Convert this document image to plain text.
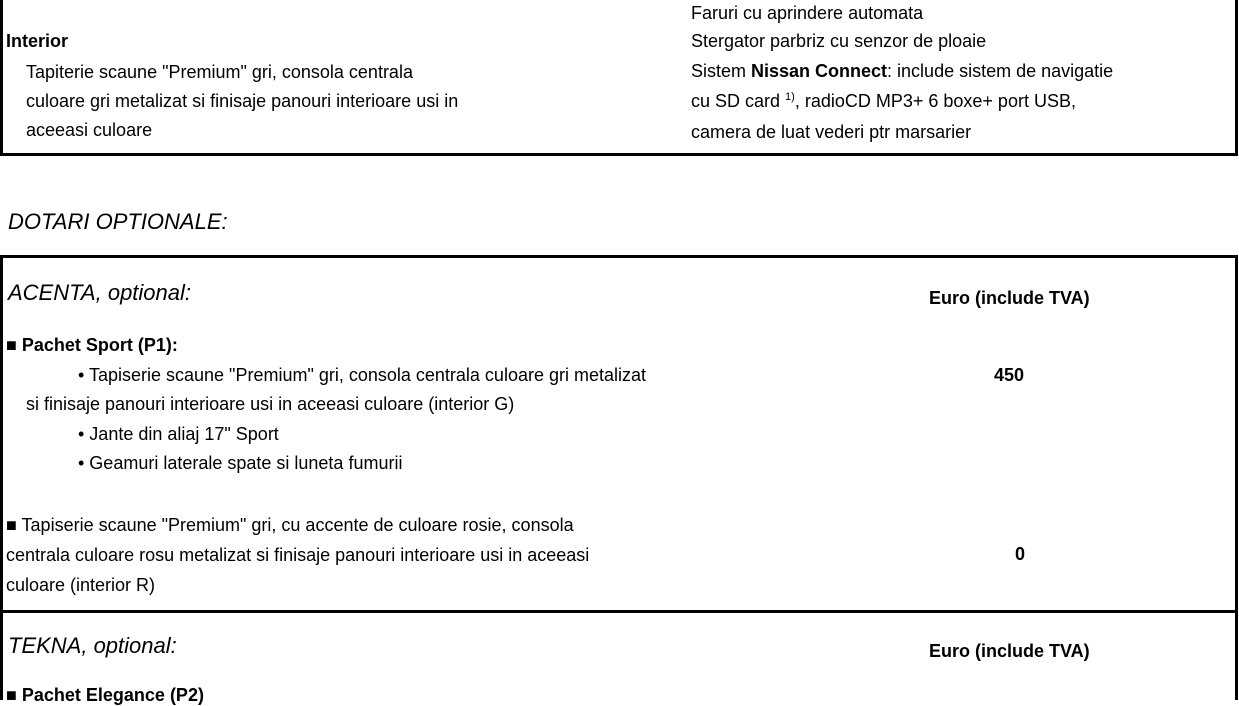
Interior
Tapiterie scaune "Premium" gri, consola centrala
culoare gri metalizat si finisaje panouri interioare usi in
aceeasi culoare
Faruri cu aprindere automata
Stergator parbriz cu senzor de ploaie
Sistem Nissan Connect: include sistem de navigatie
cu SD card $^{1)}$, radioCD MP3+ 6 boxe+ port USB,
camera de luat vederi ptr marsarier
DOTARI OPTIONALE:
ACENTA, optional:	Euro (include TVA)
■ Pachet Sport (P1):
• Tapiserie scaune "Premium" gri, consola centrala culoare gri metalizat
si finisaje panouri interioare usi in aceeasi culoare (interior G)
• Jante din aliaj 17" Sport
• Geamuri laterale spate si luneta fumurii
450
■ Tapiserie scaune "Premium" gri, cu accente de culoare rosie, consola
centrala culoare rosu metalizat si finisaje panouri interioare usi in aceeasi
culoare (interior R)
0
TEKNA, optional:	Euro (include TVA)
■ Pachet Elegance (P2)
